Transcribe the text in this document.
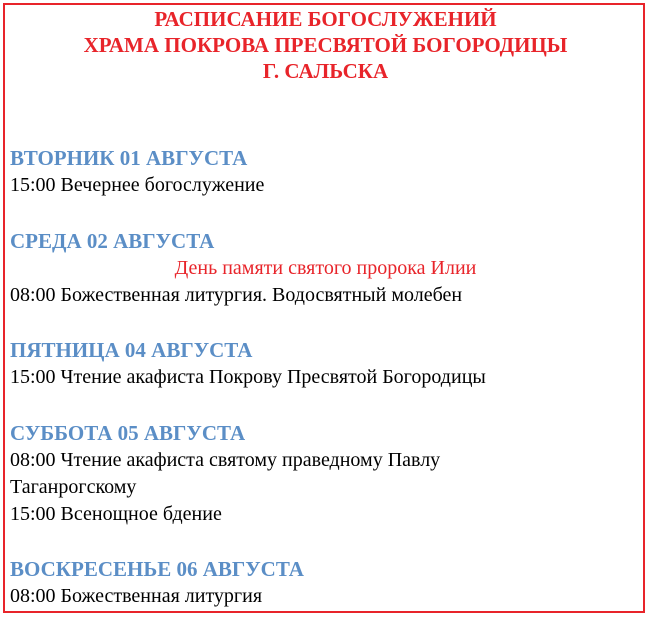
РАСПИСАНИЕ БОГОСЛУЖЕНИЙ
ХРАМА ПОКРОВА ПРЕСВЯТОЙ БОГОРОДИЦЫ
Г. САЛЬСКА
ВТОРНИК 01 АВГУСТА
15:00 Вечернее богослужение
СРЕДА 02 АВГУСТА
День памяти святого пророка Илии
08:00 Божественная литургия. Водосвятный молебен
ПЯТНИЦА 04 АВГУСТА
15:00 Чтение акафиста Покрову Пресвятой Богородицы
СУББОТА 05 АВГУСТА
08:00 Чтение акафиста святому праведному Павлу
Таганрогскому
15:00 Всенощное бдение
ВОСКРЕСЕНЬЕ 06 АВГУСТА
08:00 Божественная литургия
